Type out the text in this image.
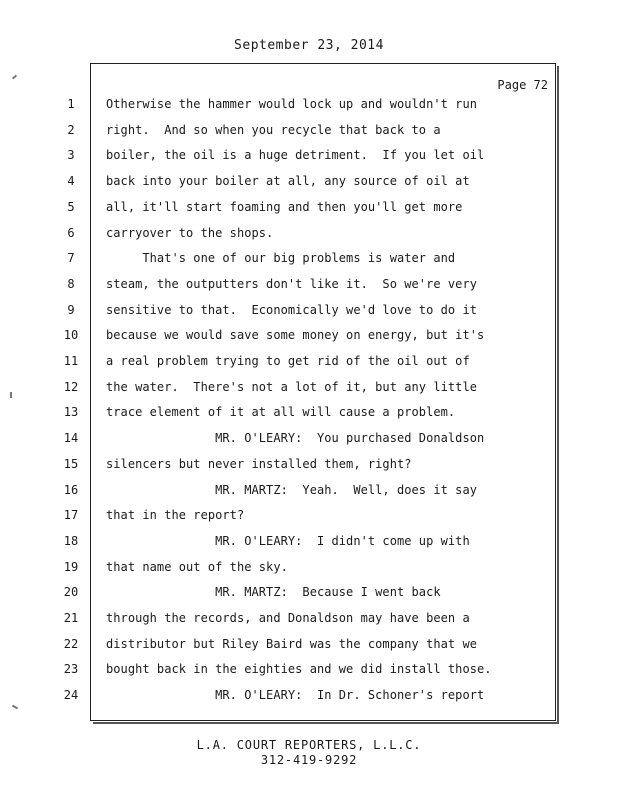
September 23, 2014
Page 72
1	Otherwise the hammer would lock up and wouldn't run
2	right.  And so when you recycle that back to a
3	boiler, the oil is a huge detriment.  If you let oil
4	back into your boiler at all, any source of oil at
5	all, it'll start foaming and then you'll get more
6	carryover to the shops.
7	That's one of our big problems is water and
8	steam, the outputters don't like it.  So we're very
9	sensitive to that.  Economically we'd love to do it
10	because we would save some money on energy, but it's
11	a real problem trying to get rid of the oil out of
12	the water.  There's not a lot of it, but any little
13	trace element of it at all will cause a problem.
14	MR. O'LEARY:  You purchased Donaldson
15	silencers but never installed them, right?
16	MR. MARTZ:  Yeah.  Well, does it say
17	that in the report?
18	MR. O'LEARY:  I didn't come up with
19	that name out of the sky.
20	MR. MARTZ:  Because I went back
21	through the records, and Donaldson may have been a
22	distributor but Riley Baird was the company that we
23	bought back in the eighties and we did install those.
24	MR. O'LEARY:  In Dr. Schoner's report
L.A. COURT REPORTERS, L.L.C.
312-419-9292
